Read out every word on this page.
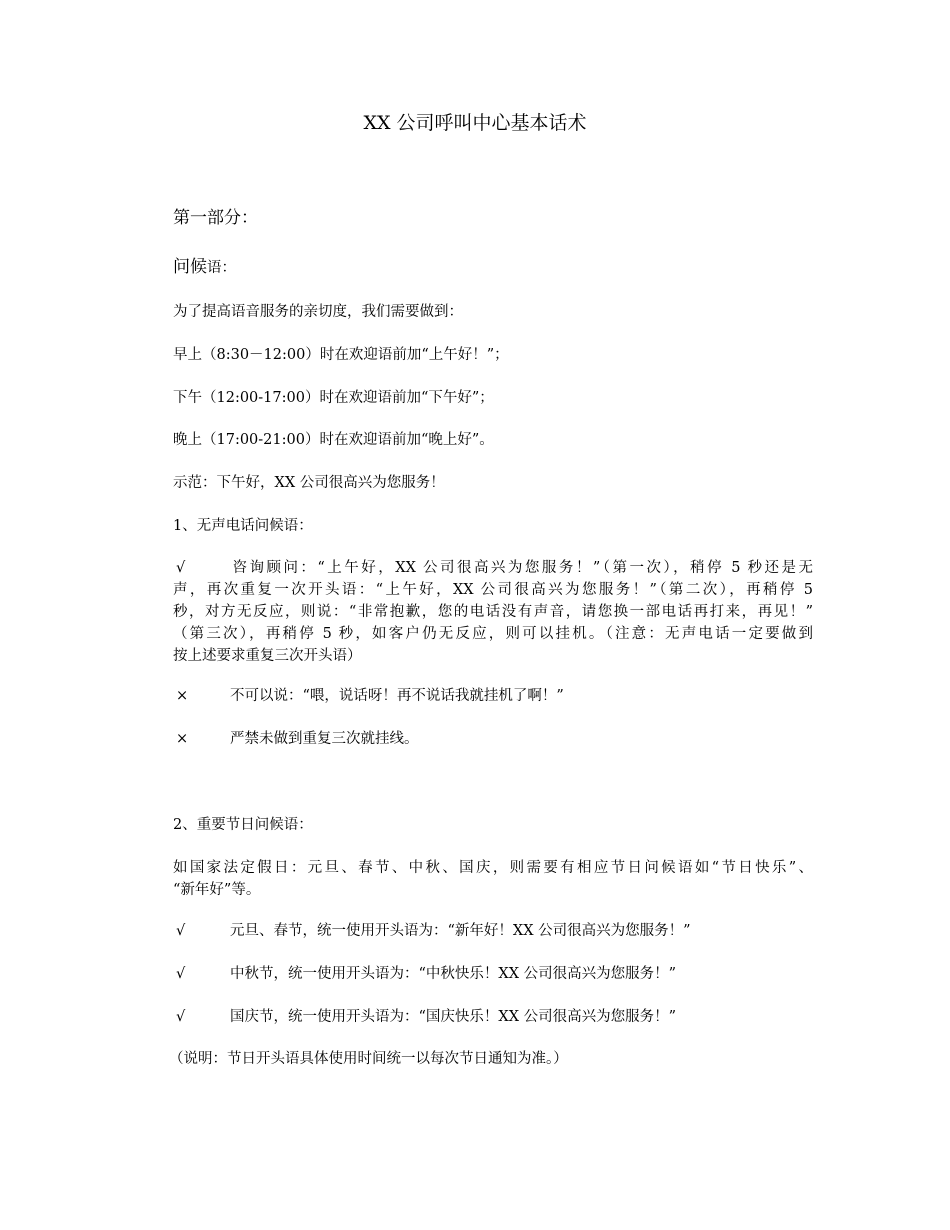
XX 公司呼叫中心基本话术
第一部分：
问候语：
为了提高语音服务的亲切度，我们需要做到：
早上（8:30－12:00）时在欢迎语前加“上午好！”；
下午（12:00-17:00）时在欢迎语前加“下午好”；
晚上（17:00-21:00）时在欢迎语前加“晚上好”。
示范：下午好，XX 公司很高兴为您服务！
1、无声电话问候语：
√	咨询顾问：“上午好，XX 公司很高兴为您服务！”（第一次），稍停 5 秒还是无
声，再次重复一次开头语：“上午好，XX 公司很高兴为您服务！”（第二次），再稍停 5
秒，对方无反应，则说：“非常抱歉，您的电话没有声音，请您换一部电话再打来，再见！”
（第三次），再稍停 5 秒，如客户仍无反应，则可以挂机。（注意：无声电话一定要做到
按上述要求重复三次开头语）
×	不可以说：“喂，说话呀！再不说话我就挂机了啊！”
×	严禁未做到重复三次就挂线。
2、重要节日问候语：
如国家法定假日：元旦、春节、中秋、国庆，则需要有相应节日问候语如“节日快乐”、
“新年好”等。
√	元旦、春节，统一使用开头语为：“新年好！XX 公司很高兴为您服务！”
√	中秋节，统一使用开头语为：“中秋快乐！XX 公司很高兴为您服务！”
√	国庆节，统一使用开头语为：“国庆快乐！XX 公司很高兴为您服务！”
（说明：节日开头语具体使用时间统一以每次节日通知为准。）
